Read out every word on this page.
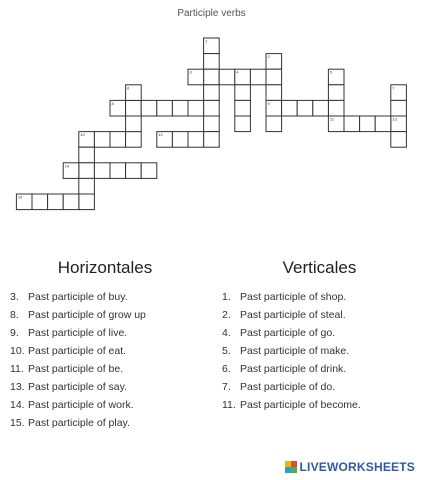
Participle verbs
1
2
3	4	5
6	7
8	9
10
11
12
13
14
15
Horizontales
3. Past participle of buy.
8. Past participle of grow up
9. Past participle of live.
10. Past participle of eat.
11. Past participle of be.
13. Past participle of say.
14. Past participle of work.
15. Past participle of play.
Verticales
1. Past participle of shop.
2. Past participle of steal.
4. Past participle of go.
5. Past participle of make.
6. Past participle of drink.
7. Past participle of do.
11. Past participle of become.
LIVEWORKSHEETS
